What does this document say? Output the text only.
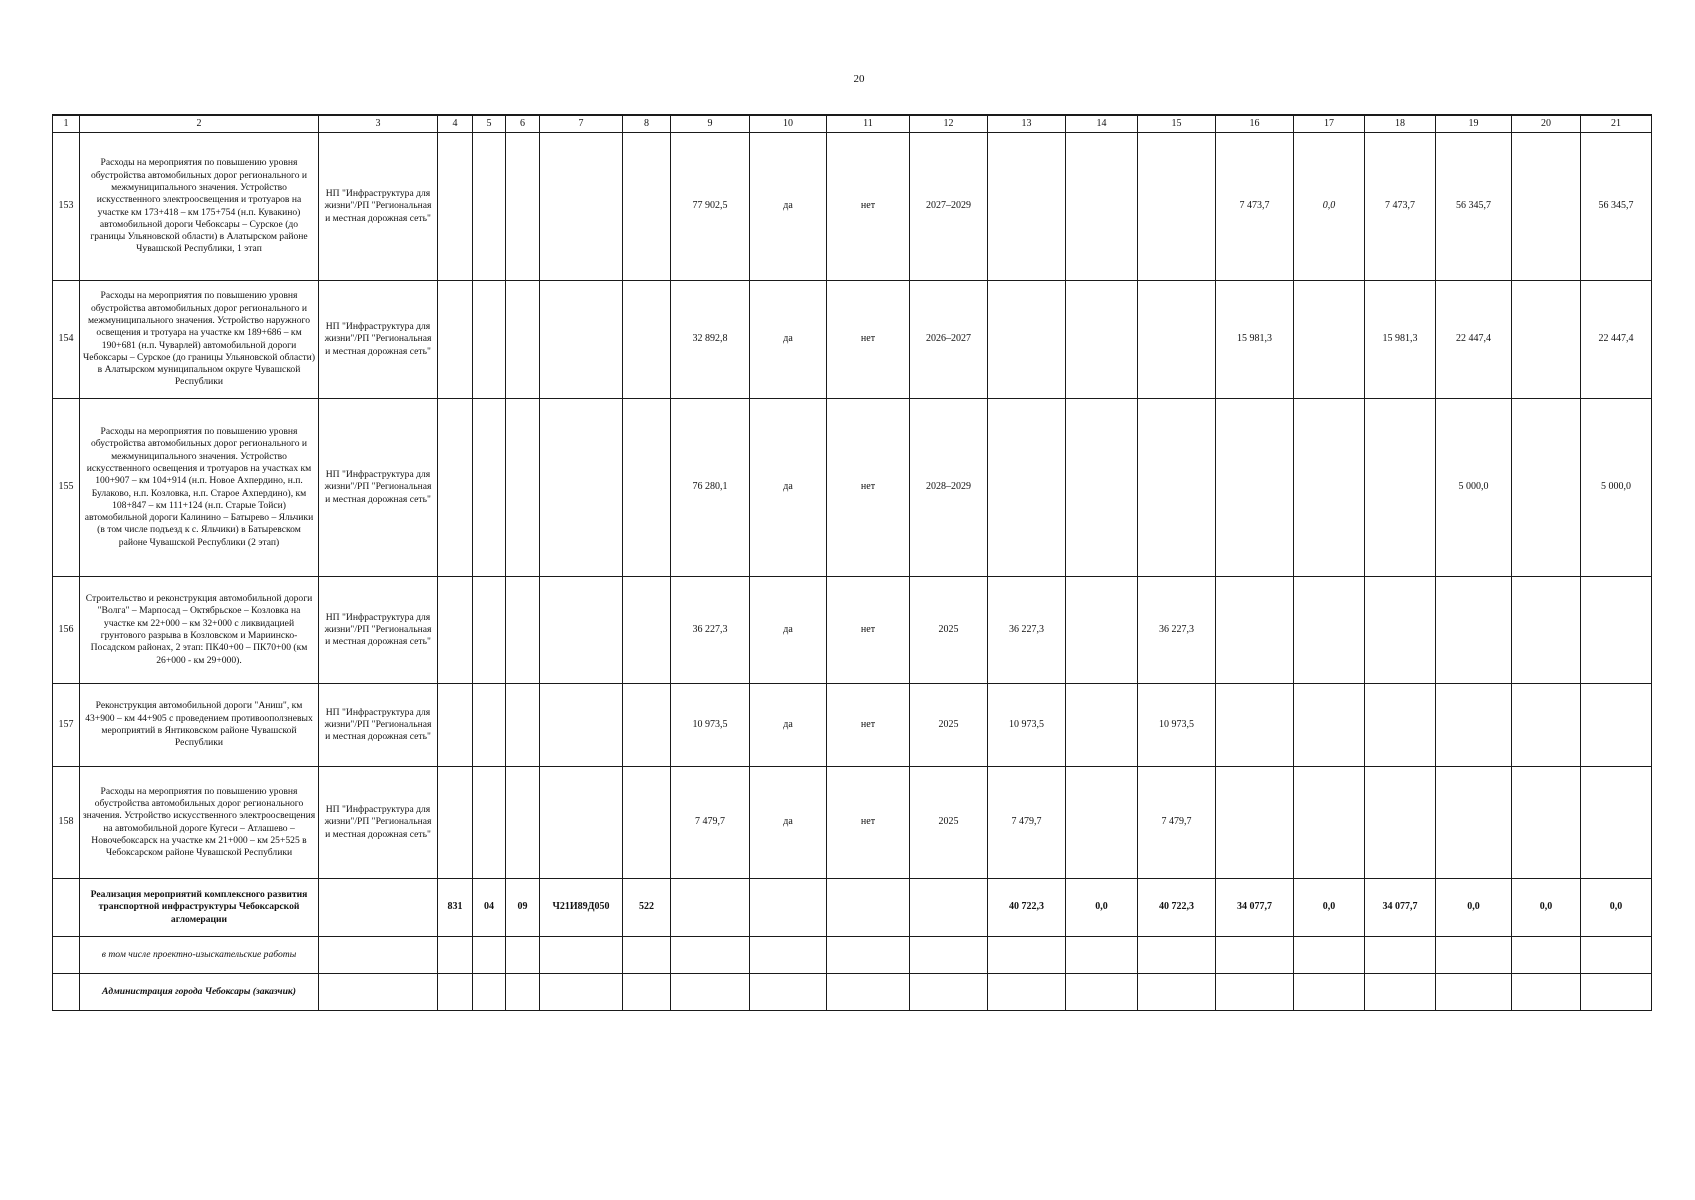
20
1	2	3	4	5	6	7	8	9	10	11	12	13	14	15	16	17	18	19	20	21
153	Расходы на мероприятия по повышению уровня обустройства автомобильных дорог регионального и межмуниципального значения. Устройство искусственного электроосвещения и тротуаров на участке км 173+418 – км 175+754 (н.п. Кувакино) автомобильной дороги Чебоксары – Сурское (до границы Ульяновской области) в Алатырском районе Чувашской Республики, 1 этап	НП "Инфраструктура для жизни"/РП "Региональная и местная дорожная сеть"						77 902,5	да	нет	2027–2029				7 473,7	0,0	7 473,7	56 345,7		56 345,7
154	Расходы на мероприятия по повышению уровня обустройства автомобильных дорог регионального и межмуниципального значения. Устройство наружного освещения и тротуара на участке км 189+686 – км 190+681 (н.п. Чуварлей) автомобильной дороги Чебоксары – Сурское (до границы Ульяновской области) в Алатырском муниципальном округе Чувашской Республики	НП "Инфраструктура для жизни"/РП "Региональная и местная дорожная сеть"						32 892,8	да	нет	2026–2027				15 981,3		15 981,3	22 447,4		22 447,4
155	Расходы на мероприятия по повышению уровня обустройства автомобильных дорог регионального и межмуниципального значения. Устройство искусственного освещения и тротуаров на участках км 100+907 – км 104+914 (н.п. Новое Ахпердино, н.п. Булаково, н.п. Козловка, н.п. Старое Ахпердино), км 108+847 – км 111+124 (н.п. Старые Тойси) автомобильной дороги Калинино – Батырево – Яльчики (в том числе подъезд к с. Яльчики) в Батыревском районе Чувашской Республики (2 этап)	НП "Инфраструктура для жизни"/РП "Региональная и местная дорожная сеть"						76 280,1	да	нет	2028–2029							5 000,0		5 000,0
156	Строительство и реконструкция автомобильной дороги "Волга" – Марпосад – Октябрьское – Козловка на участке км 22+000 – км 32+000 с ликвидацией грунтового разрыва в Козловском и Мариинско-Посадском районах, 2 этап: ПК40+00 – ПК70+00 (км 26+000 - км 29+000).	НП "Инфраструктура для жизни"/РП "Региональная и местная дорожная сеть"						36 227,3	да	нет	2025	36 227,3		36 227,3						
157	Реконструкция автомобильной дороги "Аниш", км 43+900 – км 44+905 с проведением противооползневых мероприятий в Янтиковском районе Чувашской Республики	НП "Инфраструктура для жизни"/РП "Региональная и местная дорожная сеть"						10 973,5	да	нет	2025	10 973,5		10 973,5						
158	Расходы на мероприятия по повышению уровня обустройства автомобильных дорог регионального значения. Устройство искусственного электроосвещения на автомобильной дороге Кугеси – Атлашево – Новочебоксарск на участке км 21+000 – км 25+525 в Чебоксарском районе Чувашской Республики	НП "Инфраструктура для жизни"/РП "Региональная и местная дорожная сеть"						7 479,7	да	нет	2025	7 479,7		7 479,7						
	Реализация мероприятий комплексного развития транспортной инфраструктуры Чебоксарской агломерации		831	04	09	Ч21И89Д050	522					40 722,3	0,0	40 722,3	34 077,7	0,0	34 077,7	0,0	0,0	0,0
	в том числе проектно-изыскательские работы																			
	Администрация города Чебоксары (заказчик)																			
